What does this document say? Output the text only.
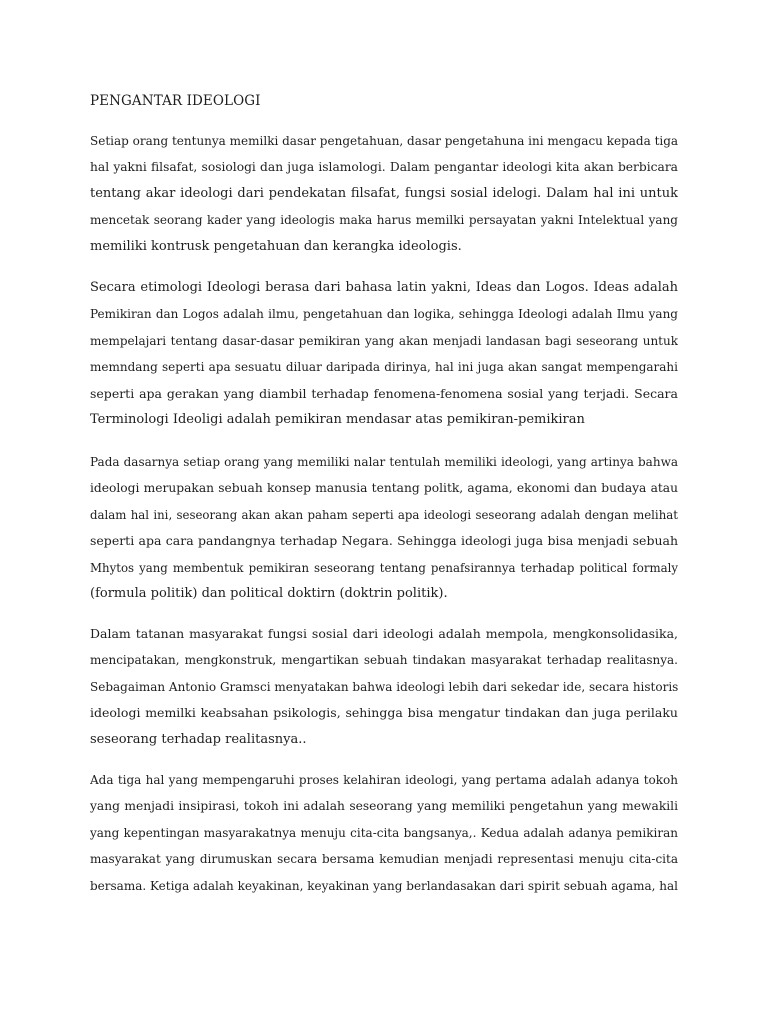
PENGANTAR IDEOLOGI
Setiap orang tentunya memilki dasar pengetahuan, dasar pengetahuna ini mengacu kepada tiga
hal yakni filsafat, sosiologi dan juga islamologi. Dalam pengantar ideologi kita akan berbicara
tentang akar ideologi dari pendekatan filsafat, fungsi sosial idelogi. Dalam hal ini untuk
mencetak seorang kader yang ideologis maka harus memilki persayatan yakni Intelektual yang
memiliki kontrusk pengetahuan dan kerangka ideologis.
Secara etimologi Ideologi berasa dari bahasa latin yakni, Ideas dan Logos. Ideas adalah
Pemikiran dan Logos adalah ilmu, pengetahuan dan logika, sehingga Ideologi adalah Ilmu yang
mempelajari tentang dasar-dasar pemikiran yang akan menjadi landasan bagi seseorang untuk
memndang seperti apa sesuatu diluar daripada dirinya, hal ini juga akan sangat mempengarahi
seperti apa gerakan yang diambil terhadap fenomena-fenomena sosial yang terjadi. Secara
Terminologi Ideoligi adalah pemikiran mendasar atas pemikiran-pemikiran
Pada dasarnya setiap orang yang memiliki nalar tentulah memiliki ideologi, yang artinya bahwa
ideologi merupakan sebuah konsep manusia tentang politk, agama, ekonomi dan budaya atau
dalam hal ini, seseorang akan akan paham seperti apa ideologi seseorang adalah dengan melihat
seperti apa cara pandangnya terhadap Negara. Sehingga ideologi juga bisa menjadi sebuah
Mhytos yang membentuk pemikiran seseorang tentang penafsirannya terhadap political formaly
(formula politik) dan political doktirn (doktrin politik).
Dalam tatanan masyarakat fungsi sosial dari ideologi adalah mempola, mengkonsolidasika,
mencipatakan, mengkonstruk, mengartikan sebuah tindakan masyarakat terhadap realitasnya.
Sebagaiman Antonio Gramsci menyatakan bahwa ideologi lebih dari sekedar ide, secara historis
ideologi memilki keabsahan psikologis, sehingga bisa mengatur tindakan dan juga perilaku
seseorang terhadap realitasnya..
Ada tiga hal yang mempengaruhi proses kelahiran ideologi, yang pertama adalah adanya tokoh
yang menjadi insipirasi, tokoh ini adalah seseorang yang memiliki pengetahun yang mewakili
yang kepentingan masyarakatnya menuju cita-cita bangsanya,. Kedua adalah adanya pemikiran
masyarakat yang dirumuskan secara bersama kemudian menjadi representasi menuju cita-cita
bersama. Ketiga adalah keyakinan, keyakinan yang berlandasakan dari spirit sebuah agama, hal
